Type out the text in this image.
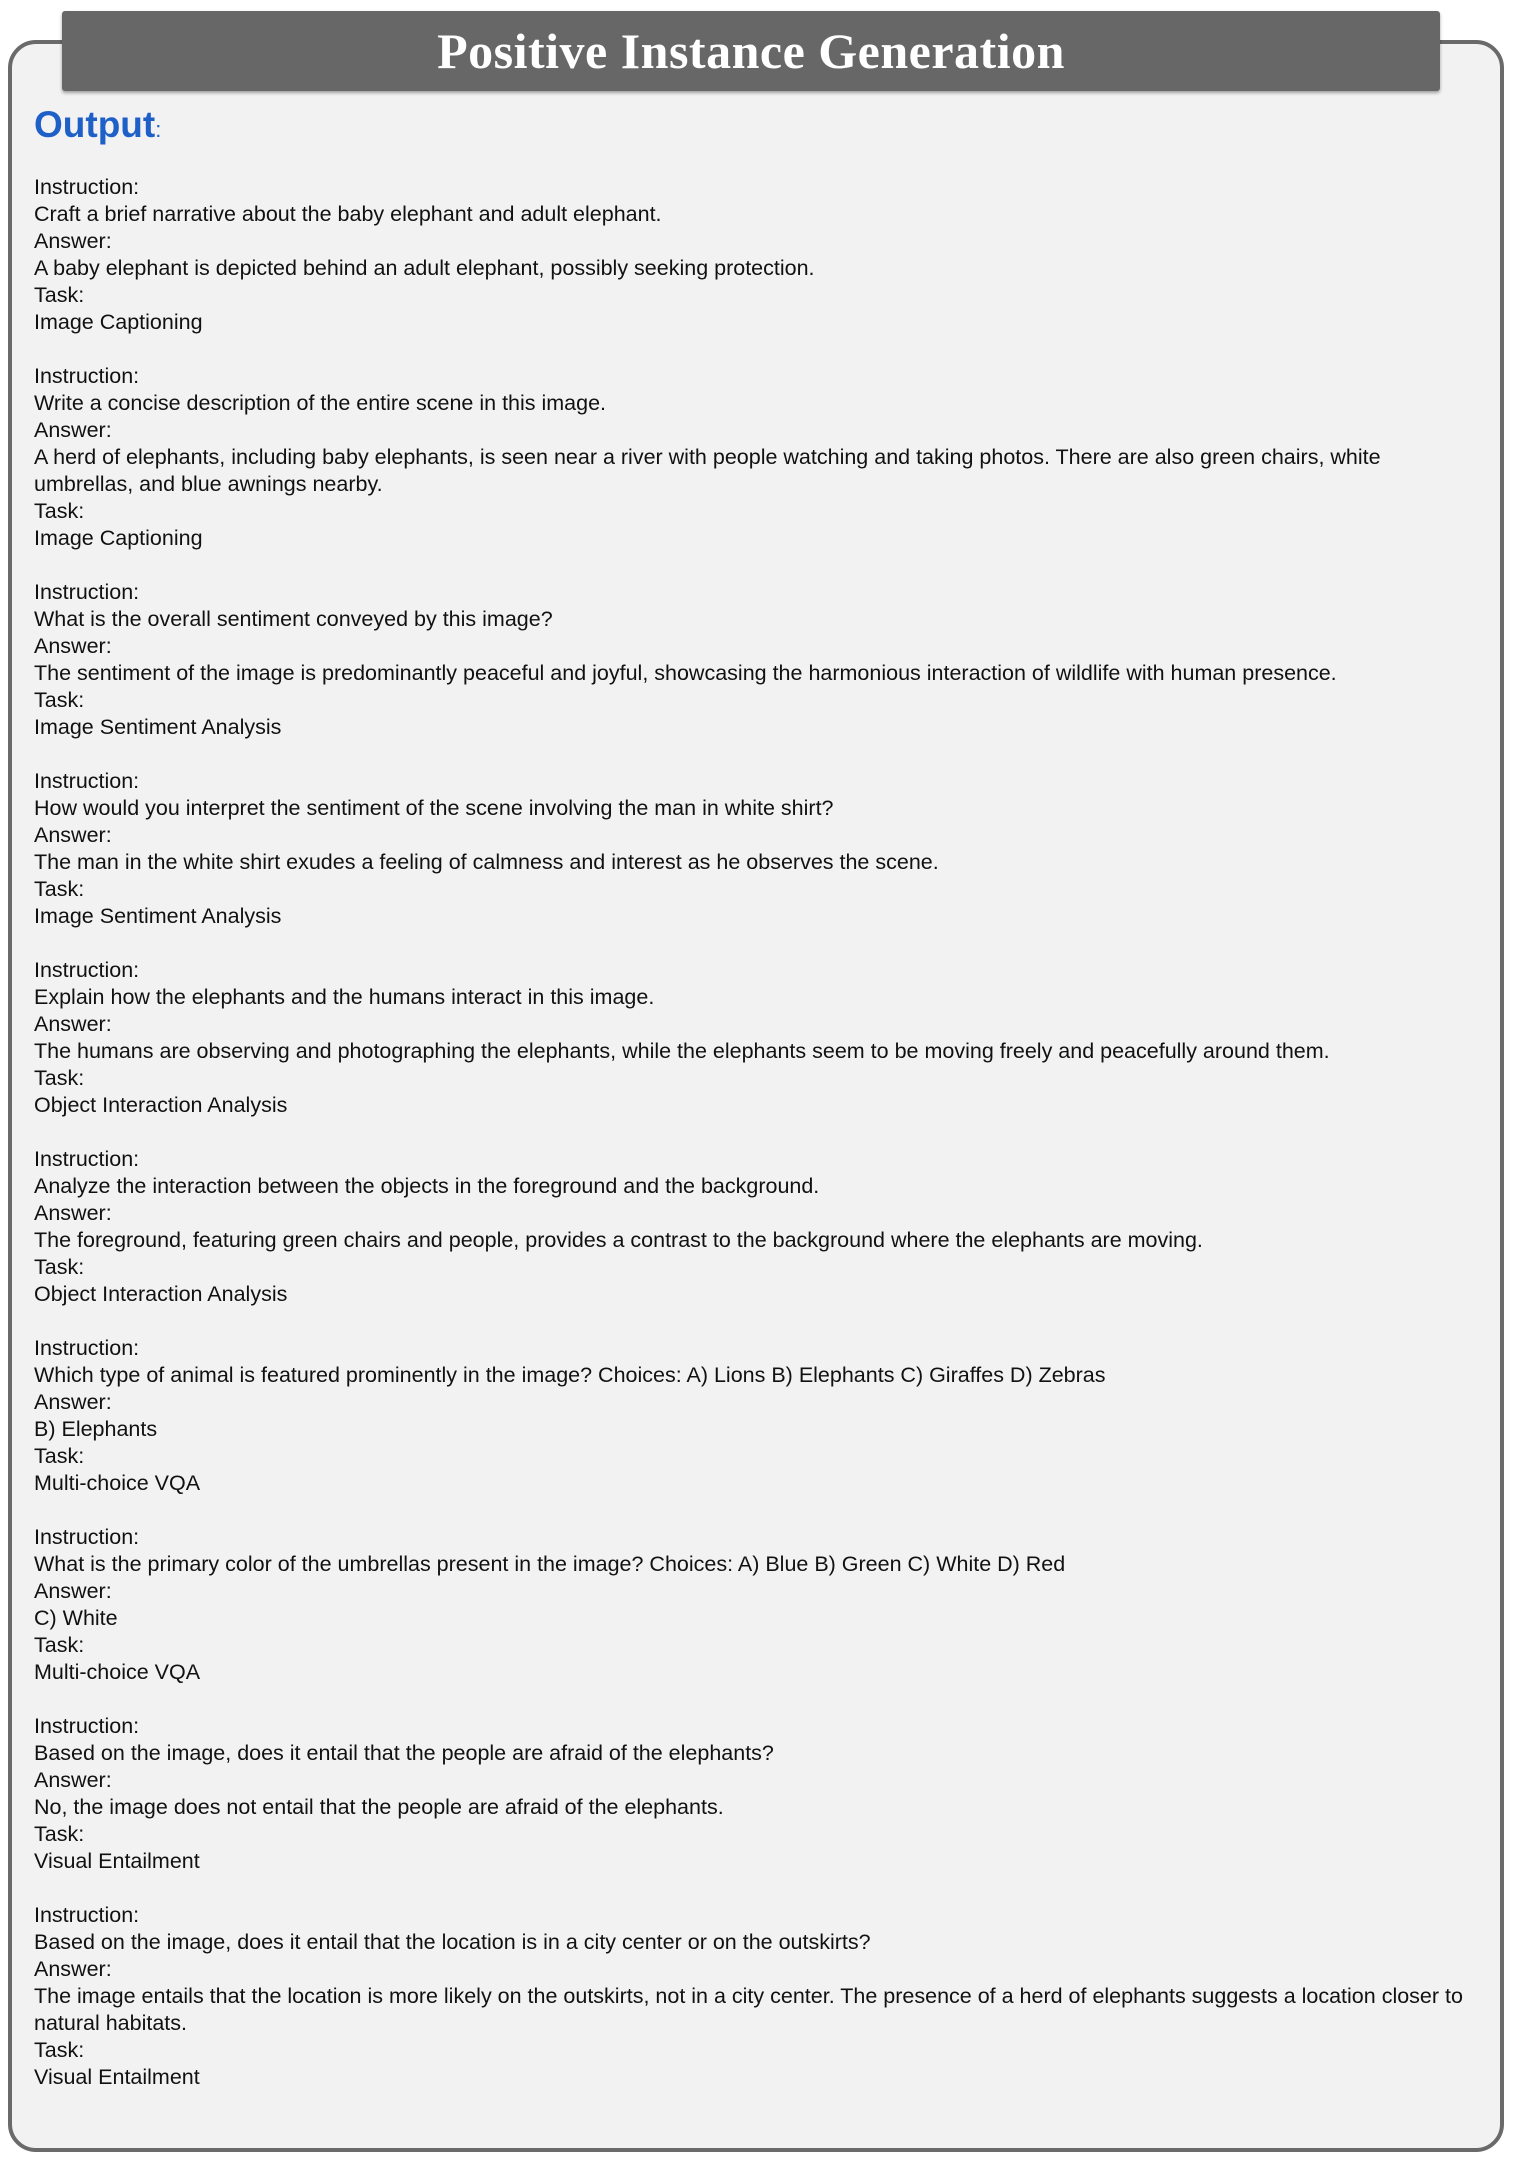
Positive Instance Generation
Output:
Instruction:
Craft a brief narrative about the baby elephant and adult elephant.
Answer:
A baby elephant is depicted behind an adult elephant, possibly seeking protection.
Task:
Image Captioning
Instruction:
Write a concise description of the entire scene in this image.
Answer:
A herd of elephants, including baby elephants, is seen near a river with people watching and taking photos. There are also green chairs, white umbrellas, and blue awnings nearby.
Task:
Image Captioning
Instruction:
What is the overall sentiment conveyed by this image?
Answer:
The sentiment of the image is predominantly peaceful and joyful, showcasing the harmonious interaction of wildlife with human presence.
Task:
Image Sentiment Analysis
Instruction:
How would you interpret the sentiment of the scene involving the man in white shirt?
Answer:
The man in the white shirt exudes a feeling of calmness and interest as he observes the scene.
Task:
Image Sentiment Analysis
Instruction:
Explain how the elephants and the humans interact in this image.
Answer:
The humans are observing and photographing the elephants, while the elephants seem to be moving freely and peacefully around them.
Task:
Object Interaction Analysis
Instruction:
Analyze the interaction between the objects in the foreground and the background.
Answer:
The foreground, featuring green chairs and people, provides a contrast to the background where the elephants are moving.
Task:
Object Interaction Analysis
Instruction:
Which type of animal is featured prominently in the image? Choices: A) Lions B) Elephants C) Giraffes D) Zebras
Answer:
B) Elephants
Task:
Multi-choice VQA
Instruction:
What is the primary color of the umbrellas present in the image? Choices: A) Blue B) Green C) White D) Red
Answer:
C) White
Task:
Multi-choice VQA
Instruction:
Based on the image, does it entail that the people are afraid of the elephants?
Answer:
No, the image does not entail that the people are afraid of the elephants.
Task:
Visual Entailment
Instruction:
Based on the image, does it entail that the location is in a city center or on the outskirts?
Answer:
The image entails that the location is more likely on the outskirts, not in a city center. The presence of a herd of elephants suggests a location closer to natural habitats.
Task:
Visual Entailment
